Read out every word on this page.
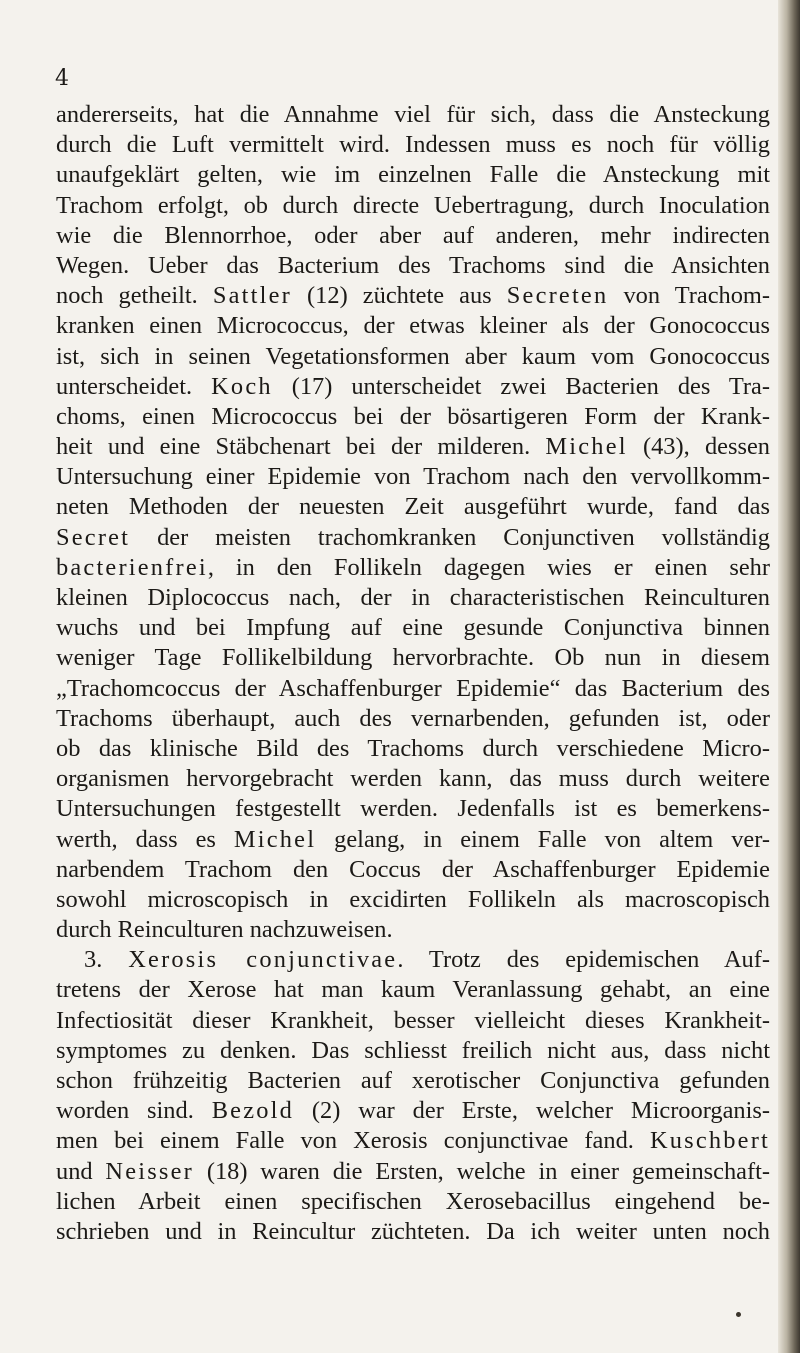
4
andererseits, hat die Annahme viel für sich, dass die Ansteckung
durch die Luft vermittelt wird. Indessen muss es noch für völlig
unaufgeklärt gelten, wie im einzelnen Falle die Ansteckung mit
Trachom erfolgt, ob durch directe Uebertragung, durch Inoculation
wie die Blennorrhoe, oder aber auf anderen, mehr indirecten
Wegen. Ueber das Bacterium des Trachoms sind die Ansichten
noch getheilt. Sattler (12) züchtete aus Secreten von Trachom-
kranken einen Micrococcus, der etwas kleiner als der Gonococcus
ist, sich in seinen Vegetationsformen aber kaum vom Gonococcus
unterscheidet. Koch (17) unterscheidet zwei Bacterien des Tra-
choms, einen Micrococcus bei der bösartigeren Form der Krank-
heit und eine Stäbchenart bei der milderen. Michel (43), dessen
Untersuchung einer Epidemie von Trachom nach den vervollkomm-
neten Methoden der neuesten Zeit ausgeführt wurde, fand das
Secret der meisten trachomkranken Conjunctiven vollständig
bacterienfrei, in den Follikeln dagegen wies er einen sehr
kleinen Diplococcus nach, der in characteristischen Reinculturen
wuchs und bei Impfung auf eine gesunde Conjunctiva binnen
weniger Tage Follikelbildung hervorbrachte. Ob nun in diesem
„Trachomcoccus der Aschaffenburger Epidemie“ das Bacterium des
Trachoms überhaupt, auch des vernarbenden, gefunden ist, oder
ob das klinische Bild des Trachoms durch verschiedene Micro-
organismen hervorgebracht werden kann, das muss durch weitere
Untersuchungen festgestellt werden. Jedenfalls ist es bemerkens-
werth, dass es Michel gelang, in einem Falle von altem ver-
narbendem Trachom den Coccus der Aschaffenburger Epidemie
sowohl microscopisch in excidirten Follikeln als macroscopisch
durch Reinculturen nachzuweisen.
3. Xerosis conjunctivae. Trotz des epidemischen Auf-
tretens der Xerose hat man kaum Veranlassung gehabt, an eine
Infectiosität dieser Krankheit, besser vielleicht dieses Krankheit-
symptomes zu denken. Das schliesst freilich nicht aus, dass nicht
schon frühzeitig Bacterien auf xerotischer Conjunctiva gefunden
worden sind. Bezold (2) war der Erste, welcher Microorganis-
men bei einem Falle von Xerosis conjunctivae fand. Kuschbert
und Neisser (18) waren die Ersten, welche in einer gemeinschaft-
lichen Arbeit einen specifischen Xerosebacillus eingehend be-
schrieben und in Reincultur züchteten. Da ich weiter unten noch
